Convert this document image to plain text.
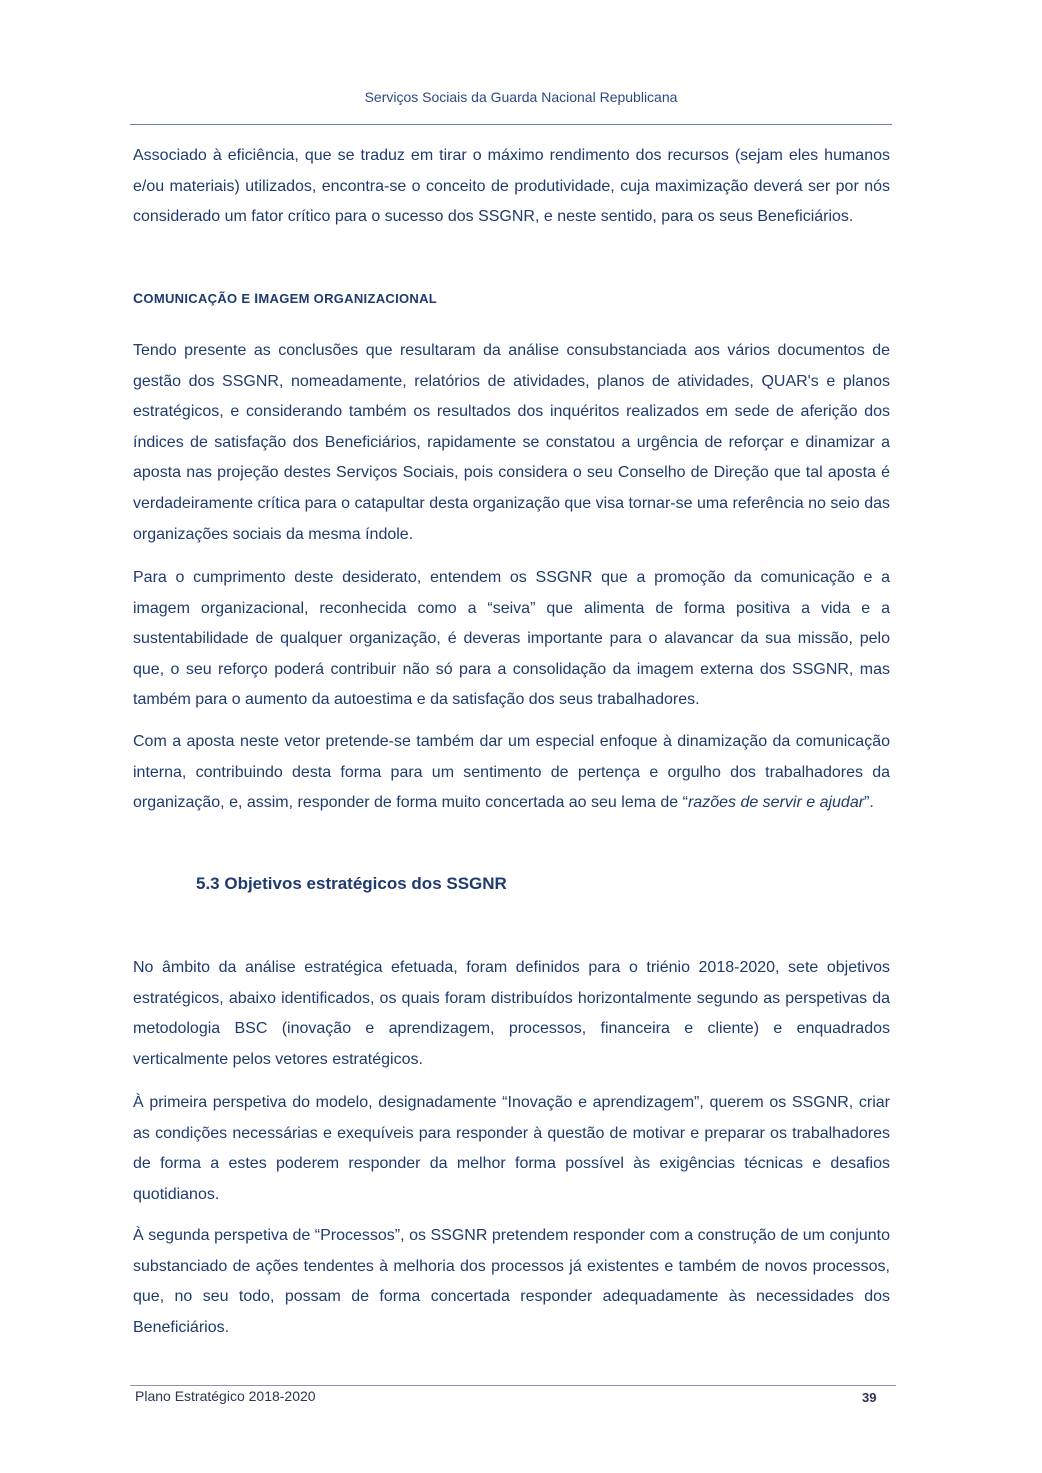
Serviços Sociais da Guarda Nacional Republicana

Associado à eficiência, que se traduz em tirar o máximo rendimento dos recursos (sejam eles humanos e/ou materiais) utilizados, encontra-se o conceito de produtividade, cuja maximização deverá ser por nós considerado um fator crítico para o sucesso dos SSGNR, e neste sentido, para os seus Beneficiários.

COMUNICAÇÃO E IMAGEM ORGANIZACIONAL

Tendo presente as conclusões que resultaram da análise consubstanciada aos vários documentos de gestão dos SSGNR, nomeadamente, relatórios de atividades, planos de atividades, QUAR's e planos estratégicos, e considerando também os resultados dos inquéritos realizados em sede de aferição dos índices de satisfação dos Beneficiários, rapidamente se constatou a urgência de reforçar e dinamizar a aposta nas projeção destes Serviços Sociais, pois considera o seu Conselho de Direção que tal aposta é verdadeiramente crítica para o catapultar desta organização que visa tornar-se uma referência no seio das organizações sociais da mesma índole.

Para o cumprimento deste desiderato, entendem os SSGNR que a promoção da comunicação e a imagem organizacional, reconhecida como a “seiva” que alimenta de forma positiva a vida e a sustentabilidade de qualquer organização, é deveras importante para o alavancar da sua missão, pelo que, o seu reforço poderá contribuir não só para a consolidação da imagem externa dos SSGNR, mas também para o aumento da autoestima e da satisfação dos seus trabalhadores.

Com a aposta neste vetor pretende-se também dar um especial enfoque à dinamização da comunicação interna, contribuindo desta forma para um sentimento de pertença e orgulho dos trabalhadores da organização, e, assim, responder de forma muito concertada ao seu lema de “razões de servir e ajudar”.

5.3 Objetivos estratégicos dos SSGNR

No âmbito da análise estratégica efetuada, foram definidos para o triénio 2018-2020, sete objetivos estratégicos, abaixo identificados, os quais foram distribuídos horizontalmente segundo as perspetivas da metodologia BSC (inovação e aprendizagem, processos, financeira e cliente) e enquadrados verticalmente pelos vetores estratégicos.

À primeira perspetiva do modelo, designadamente “Inovação e aprendizagem”, querem os SSGNR, criar as condições necessárias e exequíveis para responder à questão de motivar e preparar os trabalhadores de forma a estes poderem responder da melhor forma possível às exigências técnicas e desafios quotidianos.

À segunda perspetiva de “Processos”, os SSGNR pretendem responder com a construção de um conjunto substanciado de ações tendentes à melhoria dos processos já existentes e também de novos processos, que, no seu todo, possam de forma concertada responder adequadamente às necessidades dos Beneficiários.

Plano Estratégico 2018-2020	39
